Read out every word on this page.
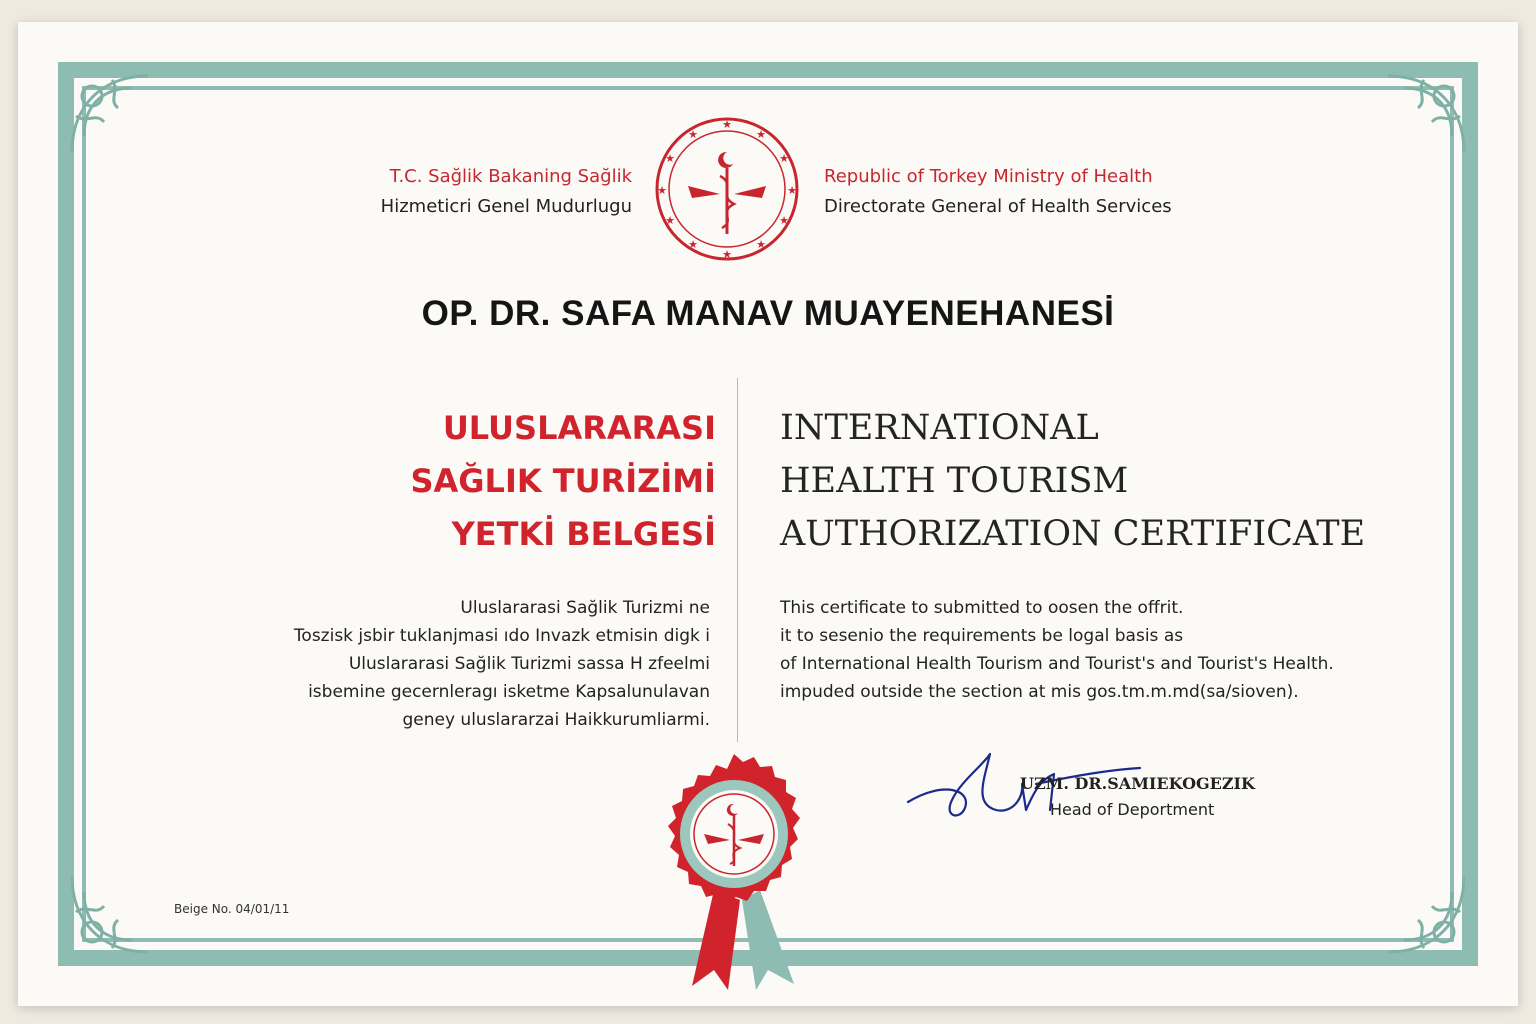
T.C. Sağlik Bakaning Sağlik
Hizmeticri Genel Mudurlugu
★
★
★
★
★
★
★
★
★
★
★
★
Republic of Torkey Ministry of Health
Directorate General of Health Services
OP. DR. SAFA MANAV MUAYENEHANESİ
ULUSLARARASI
SAĞLIK TURİZİMİ
YETKİ BELGESİ
INTERNATIONAL
HEALTH TOURISM
AUTHORIZATION CERTIFICATE
Uluslararasi Sağlik Turizmi ne
Toszisk jsbir tuklanjmasi ıdo Invazk etmisin digk i
Uluslararasi Sağlik Turizmi sassa H zfeelmi
isbemine gecernleragı isketme Kapsalunulavan
geney uluslararzai Haikkurumliarmi.
This certificate to submitted to oosen the offrit.
it to sesenio the requirements be logal basis as
of International Health Tourism and Tourist's and Tourist's Health.
impuded outside the section at mis gos.tm.m.md(sa/sioven).
UZM. DR.SAMIEKOGEZIK
Head of Deportment
Beige No. 04/01/11
